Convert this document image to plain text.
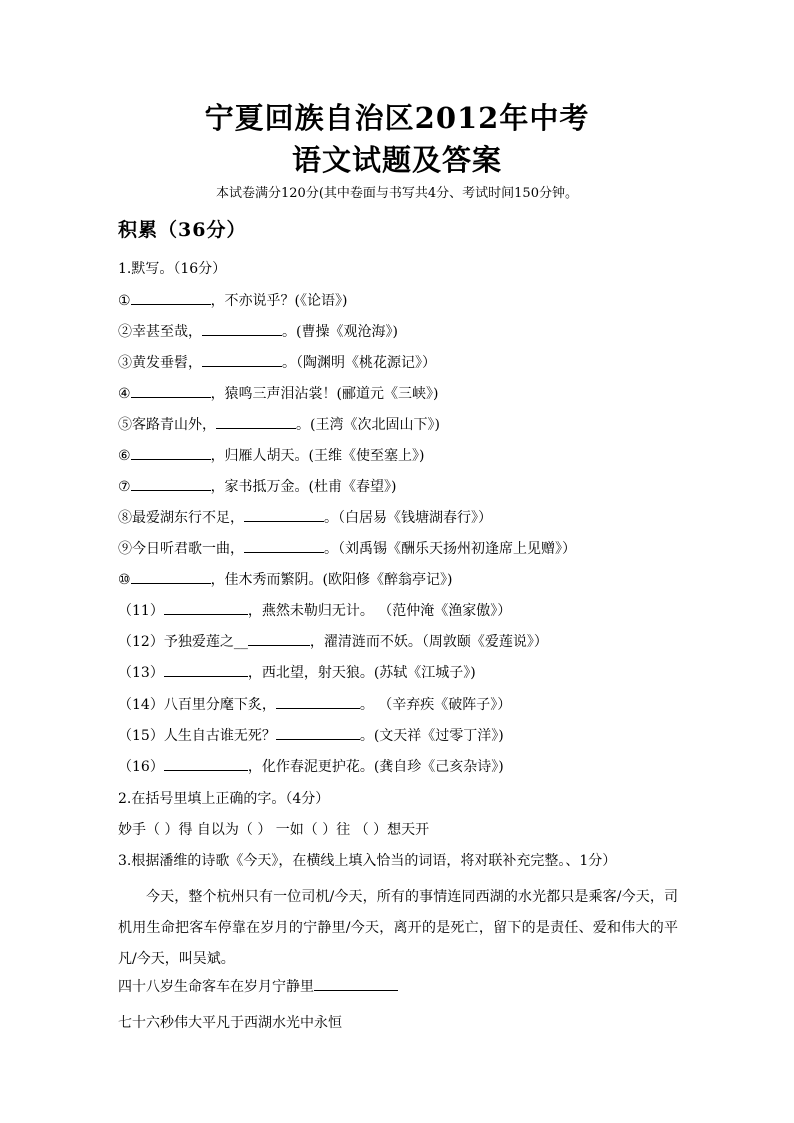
宁夏回族自治区2012年中考
语文试题及答案
本试卷满分120分(其中卷面与书写共4分、考试时间150分钟。
积累（36分）
1.默写。（16分）
①	，不亦说乎？(《论语》)
②幸甚至哉，	。(曹操《观沧海》)
③黄发垂髫，	。（陶渊明《桃花源记》）
④	，猿鸣三声泪沾裳！(郦道元《三峡》)
⑤客路青山外，	。(王湾《次北固山下》)
⑥	，归雁人胡天。(王维《使至塞上》)
⑦	，家书抵万金。(杜甫《春望》)
⑧最爱湖东行不足，	。（白居易《钱塘湖春行》）
⑨今日听君歌一曲，	。（刘禹锡《酬乐天扬州初逢席上见赠》）
⑩	，佳木秀而繁阴。(欧阳修《醉翁亭记》)
（11）	，燕然未勒归无计。 （范仲淹《渔家傲》）
（12）予独爱莲之__	，濯清涟而不妖。（周敦颐《爱莲说》）
（13）	，西北望，射天狼。(苏轼《江城子》)
（14）八百里分麾下炙，	。 （辛弃疾《破阵子》）
（15）人生自古谁无死？	。(文天祥《过零丁洋》)
（16）	，化作春泥更护花。(龚自珍《己亥杂诗》)
2.在括号里填上正确的字。（4分）
妙手（ ）得 自以为（ ） 一如（ ）往 （ ）想天开
3.根据潘维的诗歌《今天》，在横线上填入恰当的词语，将对联补充完整。、1分）
今天，整个杭州只有一位司机/今天，所有的事情连同西湖的水光都只是乘客/今天，司机用生命把客车停靠在岁月的宁静里/今天，离开的是死亡，留下的是责任、爱和伟大的平凡/今天，叫吴斌。
四十八岁生命客车在岁月宁静里
七十六秒伟大平凡于西湖水光中永恒
